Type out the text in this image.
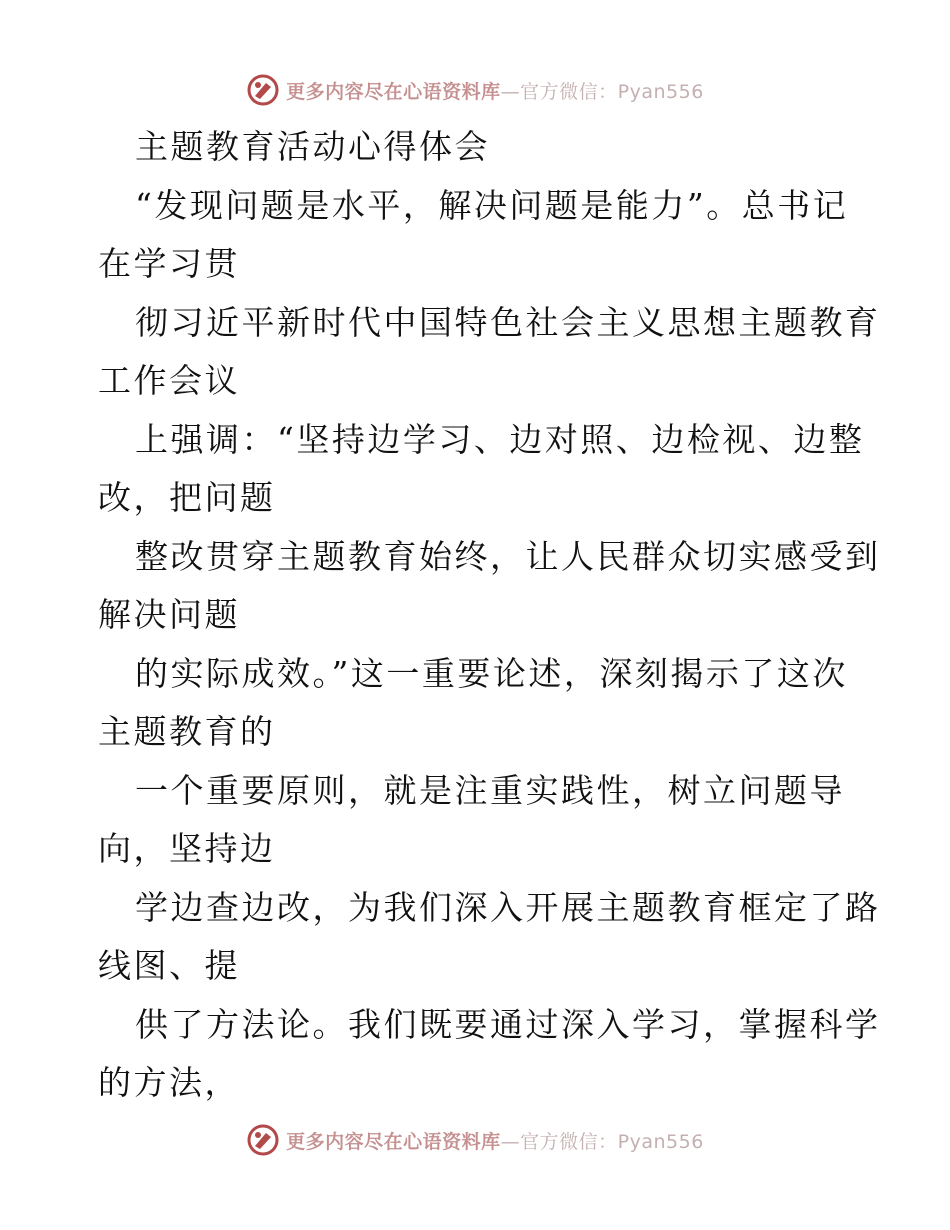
更多内容尽在心语资料库—官方微信：Pyan556
主题教育活动心得体会
“发现问题是水平，解决问题是能力”。总书记
在学习贯
彻习近平新时代中国特色社会主义思想主题教育
工作会议
上强调：“坚持边学习、边对照、边检视、边整
改，把问题
整改贯穿主题教育始终，让人民群众切实感受到
解决问题
的实际成效。”这一重要论述，深刻揭示了这次
主题教育的
一个重要原则，就是注重实践性，树立问题导
向，坚持边
学边查边改，为我们深入开展主题教育框定了路
线图、提
供了方法论。我们既要通过深入学习，掌握科学
的方法，
更多内容尽在心语资料库—官方微信：Pyan556
